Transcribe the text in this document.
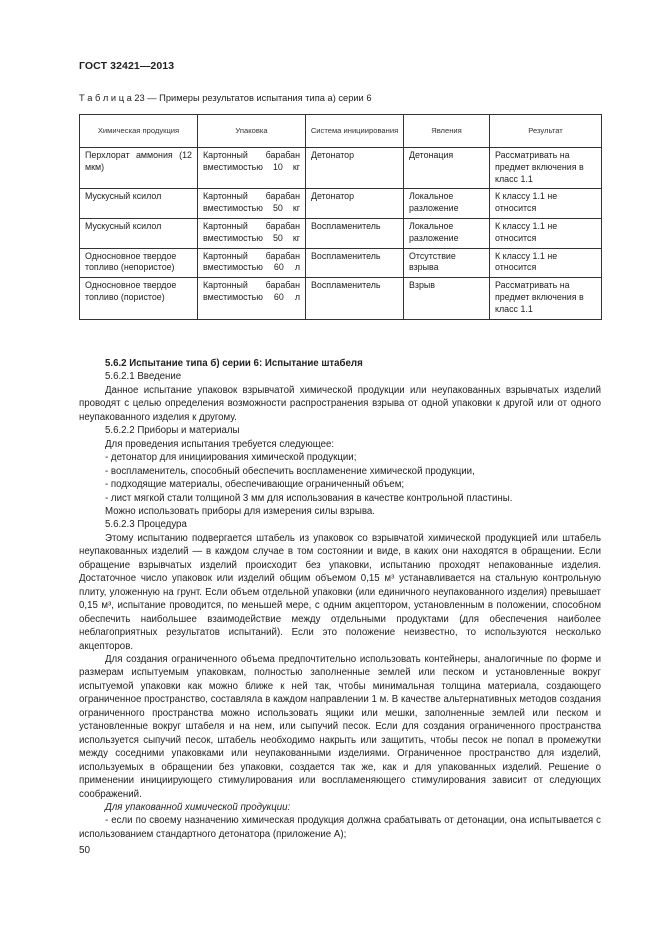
ГОСТ 32421—2013
Т а б л и ц а 23 — Примеры результатов испытания типа а) серии 6
Химическая продукция	Упаковка	Система инициирования	Явления	Результат
Перхлорат аммония (12 мкм)	Картонный барабан вместимостью 10 кг	Детонатор	Детонация	Рассматривать на предмет включения в класс 1.1
Мускусный ксилол	Картонный барабан вместимостью 50 кг	Детонатор	Локальное разложение	К классу 1.1 не относится
Мускусный ксилол	Картонный барабан вместимостью 50 кг	Воспламенитель	Локальное разложение	К классу 1.1 не относится
Односновное твердое топливо (непористое)	Картонный барабан вместимостью 60 л	Воспламенитель	Отсутствие взрыва	К классу 1.1 не относится
Односновное твердое топливо (пористое)	Картонный барабан вместимостью 60 л	Воспламенитель	Взрыв	Рассматривать на предмет включения в класс 1.1

5.6.2 Испытание типа б) серии 6: Испытание штабеля

5.6.2.1 Введение

Данное испытание упаковок взрывчатой химической продукции или неупакованных взрывчатых изделий проводят с целью определения возможности распространения взрыва от одной упаковки к другой или от одного неупакованного изделия к другому.

5.6.2.2 Приборы и материалы

Для проведения испытания требуется следующее:

- детонатор для инициирования химической продукции;

- воспламенитель, способный обеспечить воспламенение химической продукции,

- подходящие материалы, обеспечивающие ограниченный объем;

- лист мягкой стали толщиной 3 мм для использования в качестве контрольной пластины.

Можно использовать приборы для измерения силы взрыва.

5.6.2.3 Процедура

Этому испытанию подвергается штабель из упаковок со взрывчатой химической продукцией или штабель неупакованных изделий — в каждом случае в том состоянии и виде, в каких они находятся в обращении. Если обращение взрывчатых изделий происходит без упаковки, испытанию проходят непакованные изделия. Достаточное число упаковок или изделий общим объемом 0,15 м³ устанавливается на стальную контрольную плиту, уложенную на грунт. Если объем отдельной упаковки (или единичного неупакованного изделия) превышает 0,15 м³, испытание проводится, по меньшей мере, с одним акцептором, установленным в положении, способном обеспечить наибольшее взаимодействие между отдельными продуктами (для обеспечения наиболее неблагоприятных результатов испытаний). Если это положение неизвестно, то используются несколько акцепторов.

Для создания ограниченного объема предпочтительно использовать контейнеры, аналогичные по форме и размерам испытуемым упаковкам, полностью заполненные землей или песком и установленные вокруг испытуемой упаковки как можно ближе к ней так, чтобы минимальная толщина материала, создающего ограниченное пространство, составляла в каждом направлении 1 м. В качестве альтернативных методов создания ограниченного пространства можно использовать ящики или мешки, заполненные землей или песком и установленные вокруг штабеля и на нем, или сыпучий песок. Если для создания ограниченного пространства используется сыпучий песок, штабель необходимо накрыть или защитить, чтобы песок не попал в промежутки между соседними упаковками или неупакованными изделиями. Ограниченное пространство для изделий, используемых в обращении без упаковки, создается так же, как и для упакованных изделий. Решение о применении инициирующего стимулирования или воспламеняющего стимулирования зависит от следующих соображений.

Для упакованной химической продукции:

- если по своему назначению химическая продукция должна срабатывать от детонации, она испытывается с использованием стандартного детонатора (приложение А);

50
